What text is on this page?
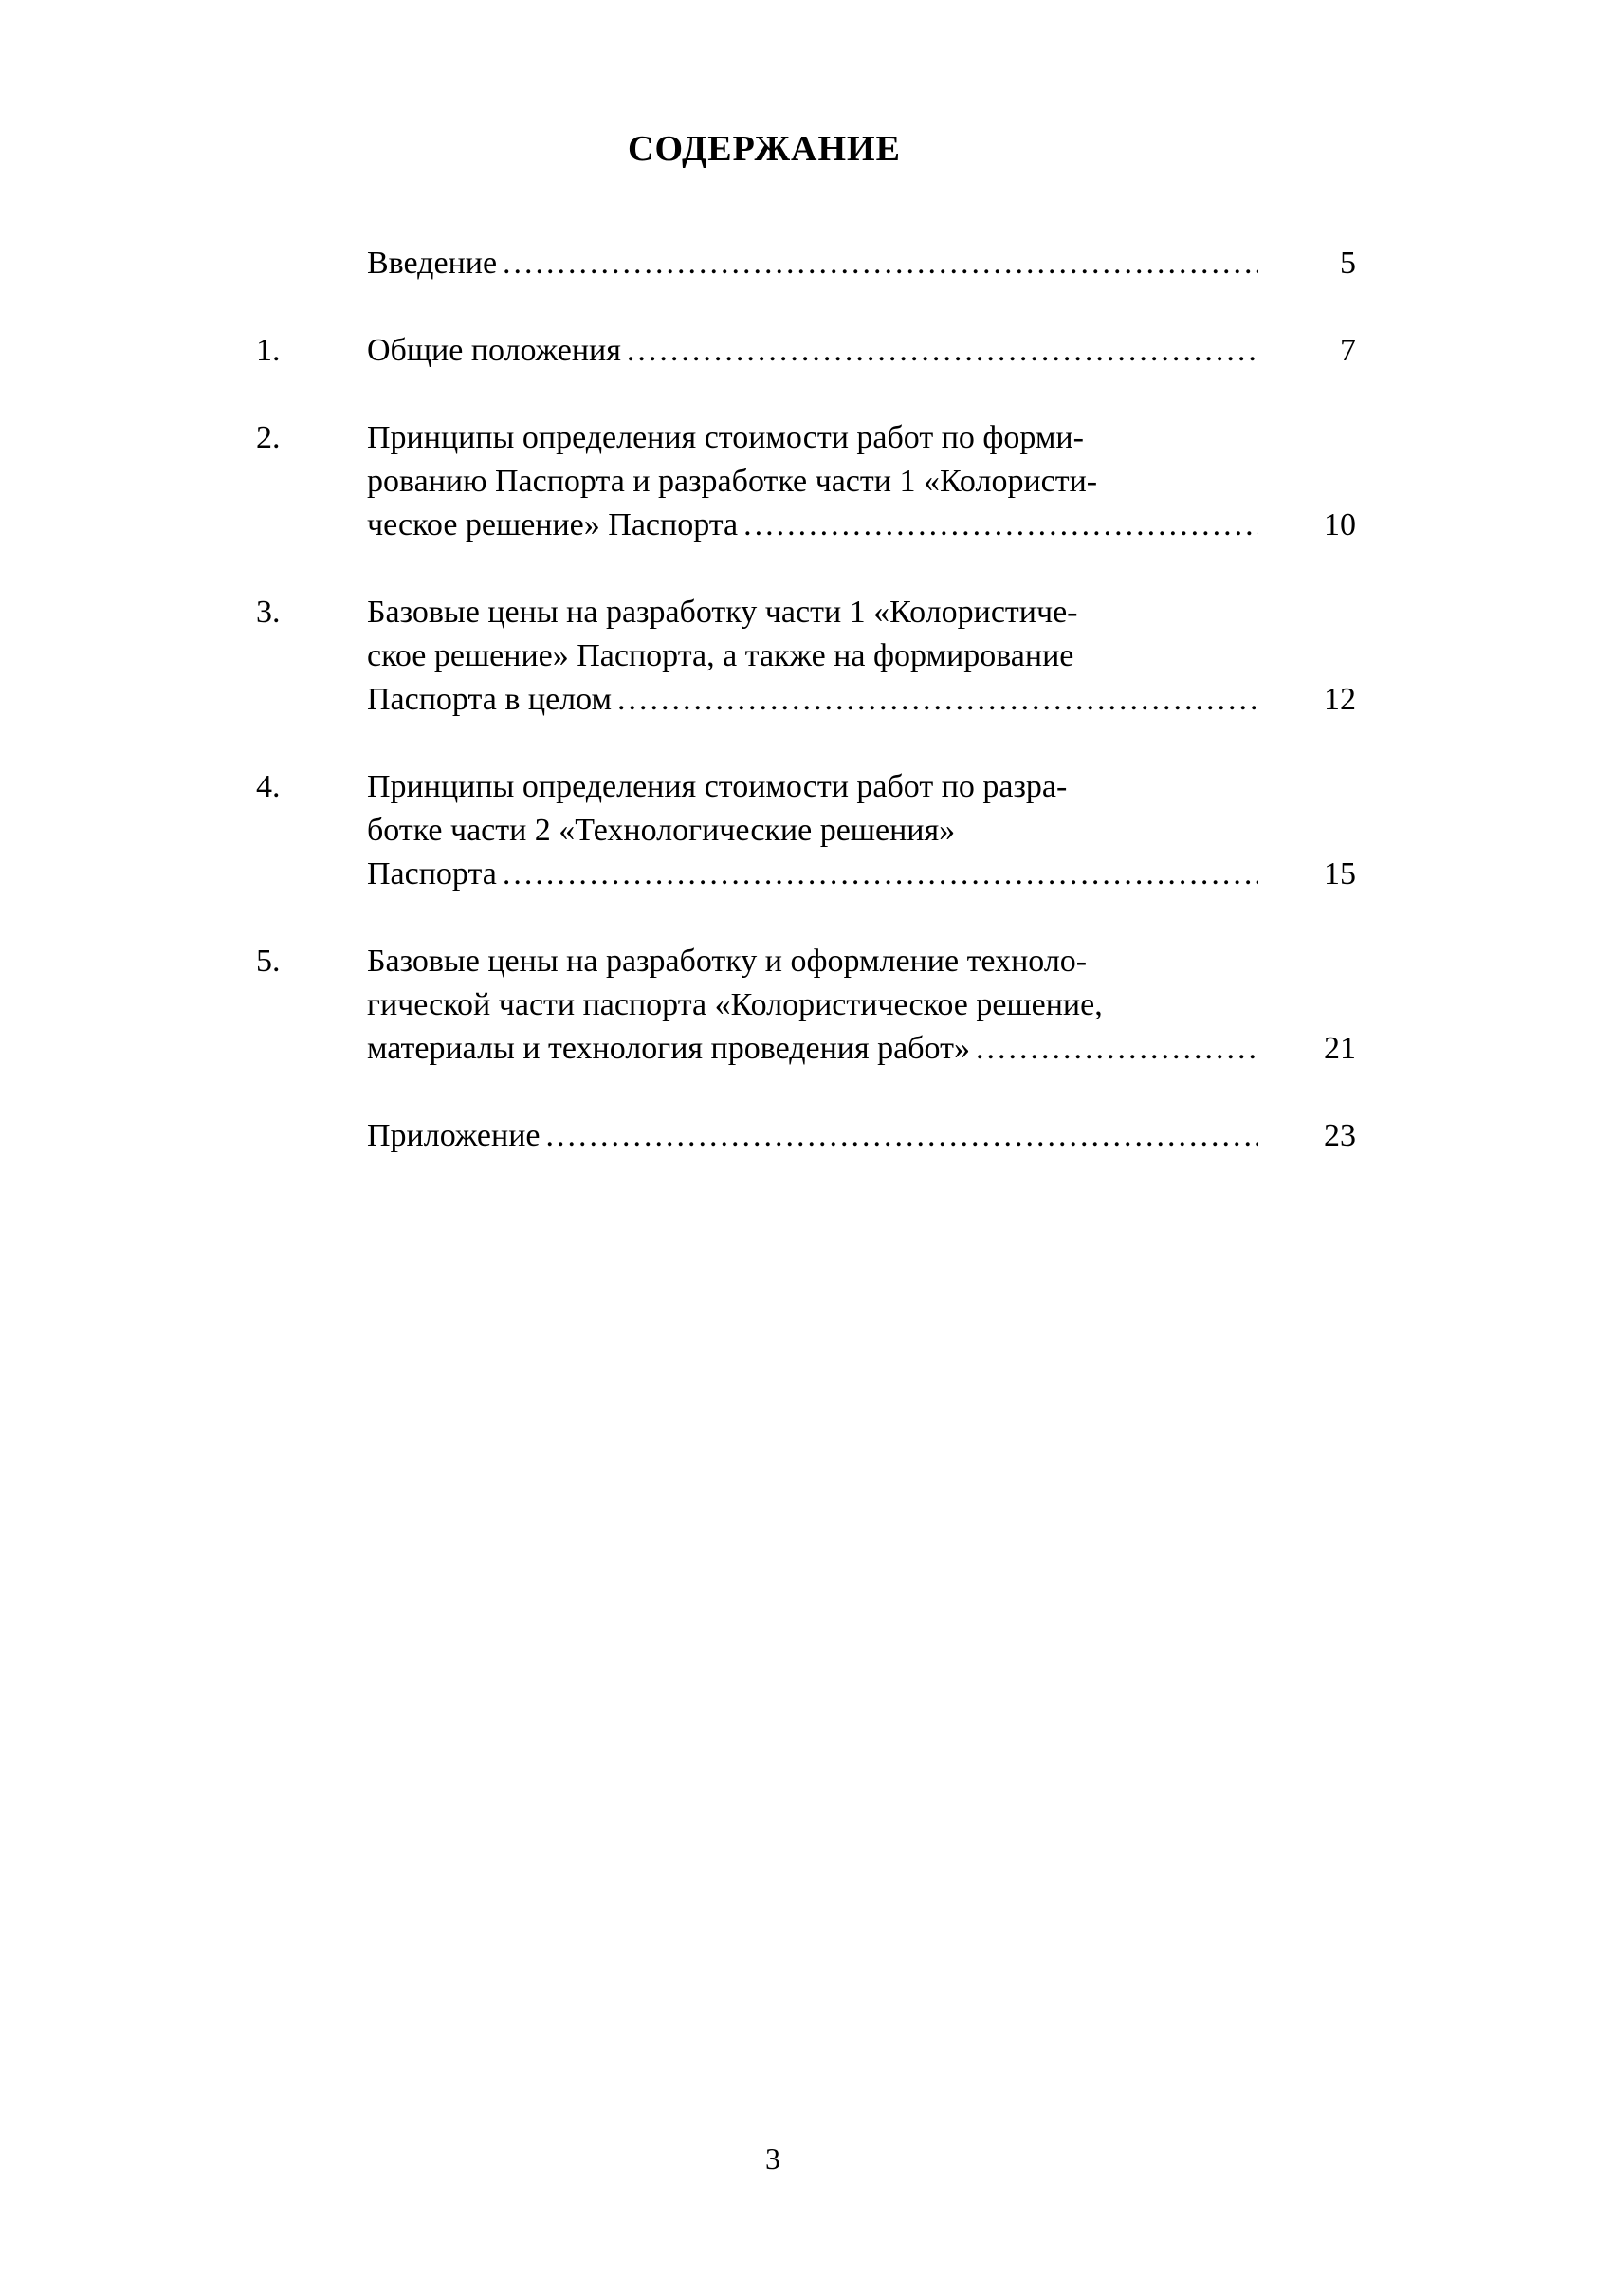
СОДЕРЖАНИЕ
Введение .....	5
1.	Общие положения .....	7
2.	Принципы определения стоимости работ по форми-
рованию Паспорта и разработке части 1 «Колористи-
ческое решение» Паспорта .....	10
3.	Базовые цены на разработку части 1 «Колористиче-
ское решение» Паспорта, а также на формирование
Паспорта в целом .....	12
4.	Принципы определения стоимости работ по разра-
ботке части 2 «Технологические решения»
Паспорта .....	15
5.	Базовые цены на разработку и оформление техноло-
гической части паспорта «Колористическое решение,
материалы и технология проведения работ» .....	21
Приложение .....	23
3
